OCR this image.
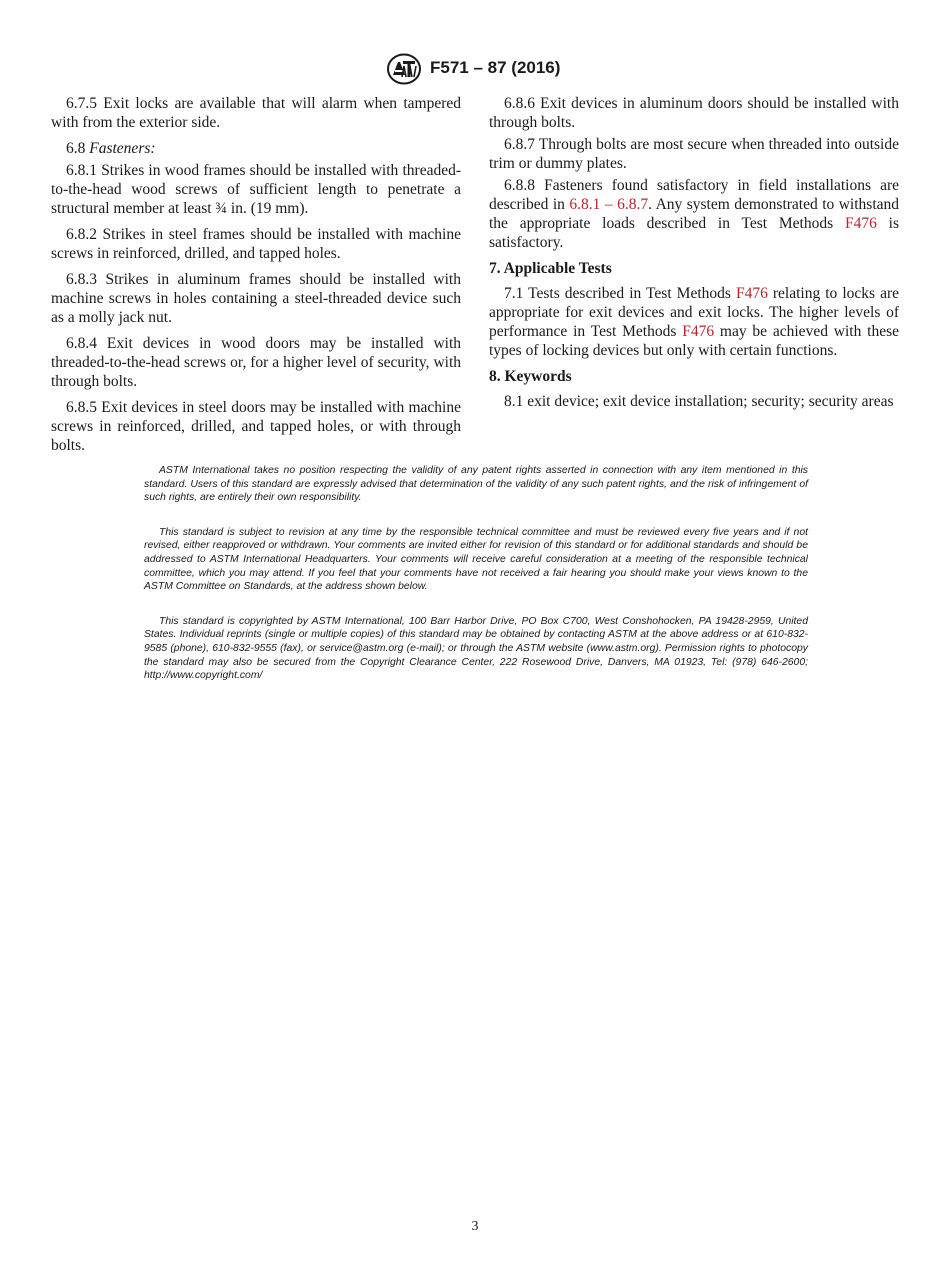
F571 – 87 (2016)

6.7.5 Exit locks are available that will alarm when tampered with from the exterior side.

6.8 Fasteners:

6.8.1 Strikes in wood frames should be installed with threaded-to-the-head wood screws of sufficient length to penetrate a structural member at least ¾ in. (19 mm).

6.8.2 Strikes in steel frames should be installed with machine screws in reinforced, drilled, and tapped holes.

6.8.3 Strikes in aluminum frames should be installed with machine screws in holes containing a steel-threaded device such as a molly jack nut.

6.8.4 Exit devices in wood doors may be installed with threaded-to-the-head screws or, for a higher level of security, with through bolts.

6.8.5 Exit devices in steel doors may be installed with machine screws in reinforced, drilled, and tapped holes, or with through bolts.

6.8.6 Exit devices in aluminum doors should be installed with through bolts.

6.8.7 Through bolts are most secure when threaded into outside trim or dummy plates.

6.8.8 Fasteners found satisfactory in field installations are described in 6.8.1 – 6.8.7. Any system demonstrated to withstand the appropriate loads described in Test Methods F476 is satisfactory.

7. Applicable Tests

7.1 Tests described in Test Methods F476 relating to locks are appropriate for exit devices and exit locks. The higher levels of performance in Test Methods F476 may be achieved with these types of locking devices but only with certain functions.

8. Keywords

8.1 exit device; exit device installation; security; security areas

ASTM International takes no position respecting the validity of any patent rights asserted in connection with any item mentioned in this standard. Users of this standard are expressly advised that determination of the validity of any such patent rights, and the risk of infringement of such rights, are entirely their own responsibility.

This standard is subject to revision at any time by the responsible technical committee and must be reviewed every five years and if not revised, either reapproved or withdrawn. Your comments are invited either for revision of this standard or for additional standards and should be addressed to ASTM International Headquarters. Your comments will receive careful consideration at a meeting of the responsible technical committee, which you may attend. If you feel that your comments have not received a fair hearing you should make your views known to the ASTM Committee on Standards, at the address shown below.

This standard is copyrighted by ASTM International, 100 Barr Harbor Drive, PO Box C700, West Conshohocken, PA 19428-2959, United States. Individual reprints (single or multiple copies) of this standard may be obtained by contacting ASTM at the above address or at 610-832-9585 (phone), 610-832-9555 (fax), or service@astm.org (e-mail); or through the ASTM website (www.astm.org). Permission rights to photocopy the standard may also be secured from the Copyright Clearance Center, 222 Rosewood Drive, Danvers, MA 01923, Tel: (978) 646-2600; http://www.copyright.com/

3
